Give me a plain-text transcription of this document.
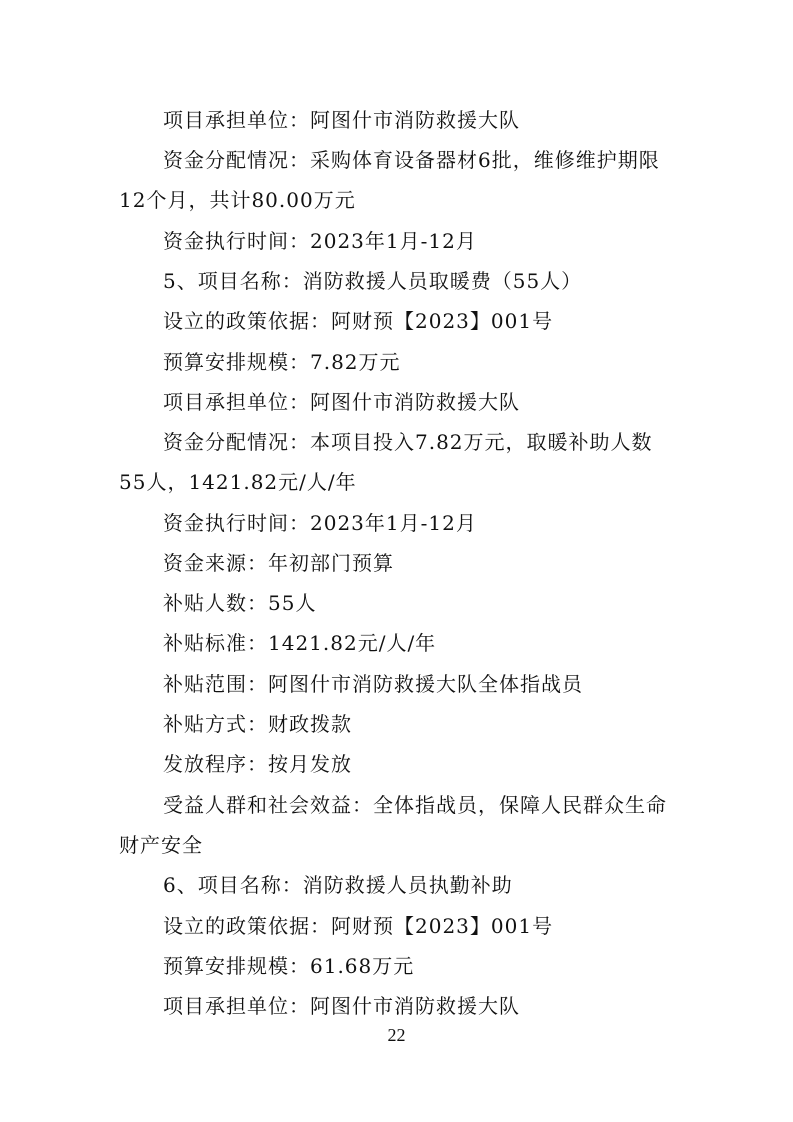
项目承担单位：阿图什市消防救援大队
资金分配情况：采购体育设备器材6批，维修维护期限
12个月，共计80.00万元
资金执行时间：2023年1月-12月
5、项目名称：消防救援人员取暖费（55人）
设立的政策依据：阿财预【2023】001号
预算安排规模：7.82万元
项目承担单位：阿图什市消防救援大队
资金分配情况：本项目投入7.82万元，取暖补助人数
55人，1421.82元/人/年
资金执行时间：2023年1月-12月
资金来源：年初部门预算
补贴人数：55人
补贴标准：1421.82元/人/年
补贴范围：阿图什市消防救援大队全体指战员
补贴方式：财政拨款
发放程序：按月发放
受益人群和社会效益：全体指战员，保障人民群众生命
财产安全
6、项目名称：消防救援人员执勤补助
设立的政策依据：阿财预【2023】001号
预算安排规模：61.68万元
项目承担单位：阿图什市消防救援大队
22
